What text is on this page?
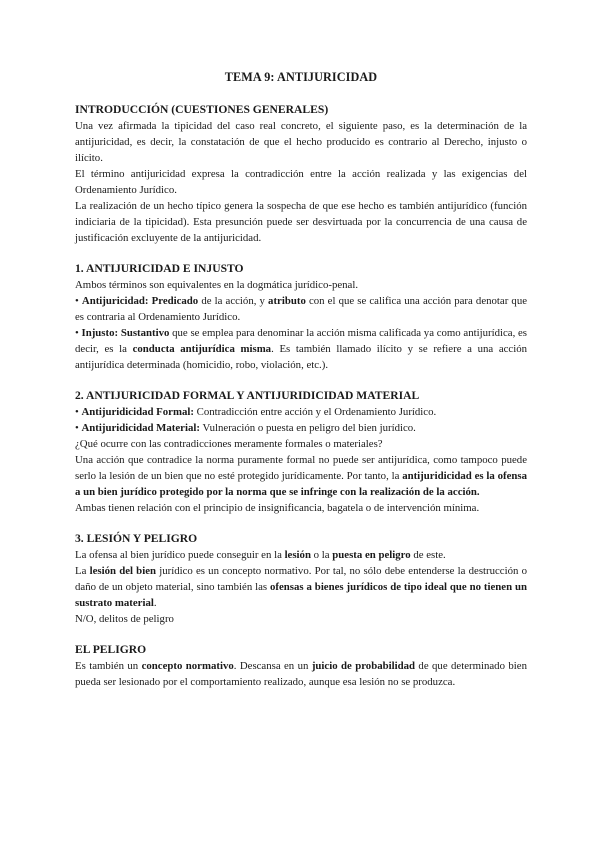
TEMA 9: ANTIJURICIDAD
INTRODUCCIÓN (CUESTIONES GENERALES)

Una vez afirmada la tipicidad del caso real concreto, el siguiente paso, es la determinación de la antijuricidad, es decir, la constatación de que el hecho producido es contrario al Derecho, injusto o ilícito.

El término antijuricidad expresa la contradicción entre la acción realizada y las exigencias del Ordenamiento Jurídico.

La realización de un hecho típico genera la sospecha de que ese hecho es también antijurídico (función indiciaria de la tipicidad). Esta presunción puede ser desvirtuada por la concurrencia de una causa de justificación excluyente de la antijuricidad.

1. ANTIJURICIDAD E INJUSTO

Ambos términos son equivalentes en la dogmática jurídico-penal.

• Antijuricidad: Predicado de la acción, y atributo con el que se califica una acción para denotar que es contraria al Ordenamiento Jurídico.

• Injusto: Sustantivo que se emplea para denominar la acción misma calificada ya como antijurídica, es decir, es la conducta antijurídica misma. Es también llamado ilícito y se refiere a una acción antijurídica determinada (homicidio, robo, violación, etc.).

2. ANTIJURICIDAD FORMAL Y ANTIJURIDICIDAD MATERIAL

• Antijuridicidad Formal: Contradicción entre acción y el Ordenamiento Jurídico.

• Antijuridicidad Material: Vulneración o puesta en peligro del bien jurídico.

¿Qué ocurre con las contradicciones meramente formales o materiales?

Una acción que contradice la norma puramente formal no puede ser antijurídica, como tampoco puede serlo la lesión de un bien que no esté protegido jurídicamente. Por tanto, la antijuridicidad es la ofensa a un bien jurídico protegido por la norma que se infringe con la realización de la acción.

Ambas tienen relación con el principio de insignificancia, bagatela o de intervención mínima.

3. LESIÓN Y PELIGRO

La ofensa al bien jurídico puede conseguir en la lesión o la puesta en peligro de este.

La lesión del bien jurídico es un concepto normativo. Por tal, no sólo debe entenderse la destrucción o daño de un objeto material, sino también las ofensas a bienes jurídicos de tipo ideal que no tienen un sustrato material.

N/O, delitos de peligro

EL PELIGRO

Es también un concepto normativo. Descansa en un juicio de probabilidad de que determinado bien pueda ser lesionado por el comportamiento realizado, aunque esa lesión no se produzca.
